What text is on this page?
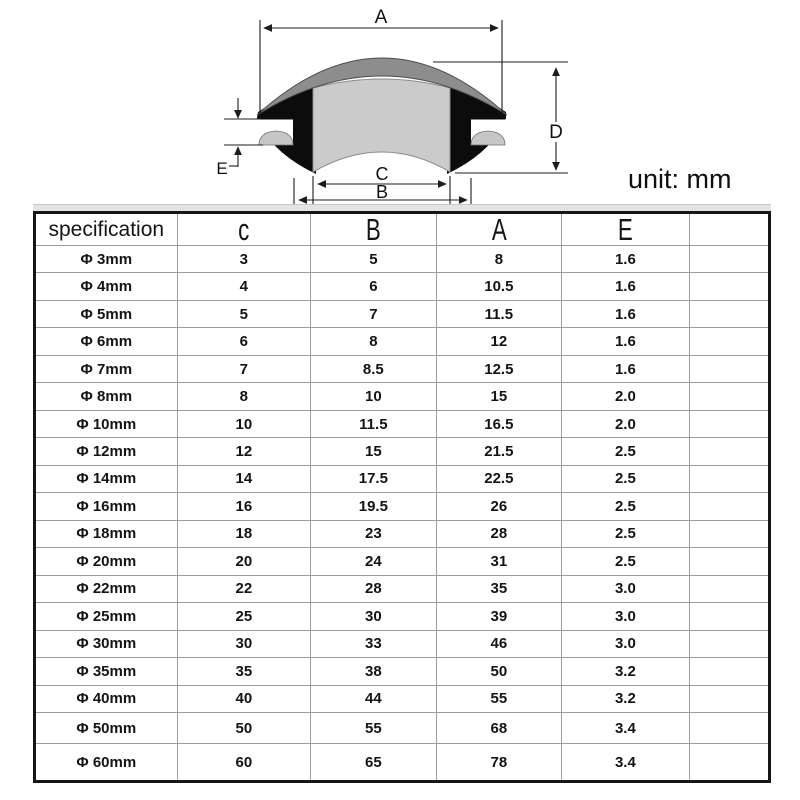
A
D
E	C
B	unit: mm
specification	c	B	A	E	
Φ 3mm	3	5	8	1.6	
Φ 4mm	4	6	10.5	1.6	
Φ 5mm	5	7	11.5	1.6	
Φ 6mm	6	8	12	1.6	
Φ 7mm	7	8.5	12.5	1.6	
Φ 8mm	8	10	15	2.0	
Φ 10mm	10	11.5	16.5	2.0	
Φ 12mm	12	15	21.5	2.5	
Φ 14mm	14	17.5	22.5	2.5	
Φ 16mm	16	19.5	26	2.5	
Φ 18mm	18	23	28	2.5	
Φ 20mm	20	24	31	2.5	
Φ 22mm	22	28	35	3.0	
Φ 25mm	25	30	39	3.0	
Φ 30mm	30	33	46	3.0	
Φ 35mm	35	38	50	3.2	
Φ 40mm	40	44	55	3.2	
Φ 50mm	50	55	68	3.4	
Φ 60mm	60	65	78	3.4	
